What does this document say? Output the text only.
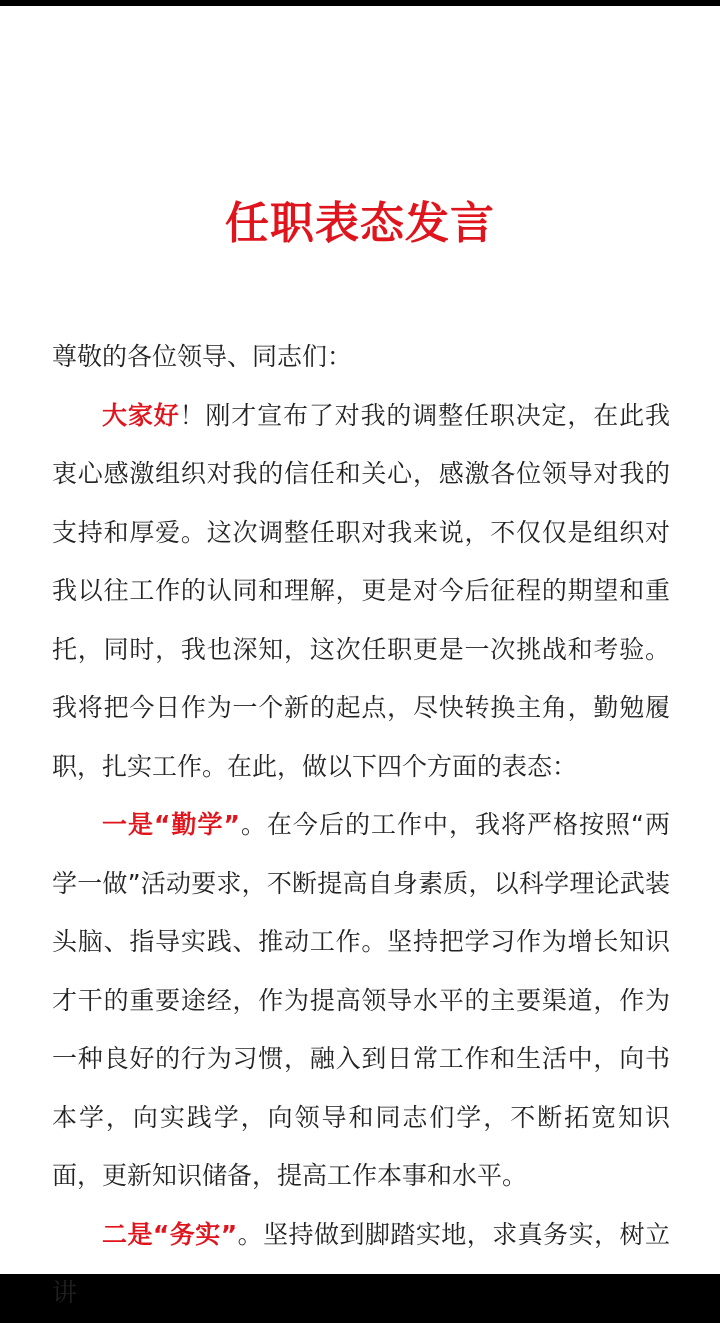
任职表态发言

尊敬的各位领导、同志们：

大家好！刚才宣布了对我的调整任职决定，在此我衷心感激组织对我的信任和关心，感激各位领导对我的支持和厚爱。这次调整任职对我来说，不仅仅是组织对我以往工作的认同和理解，更是对今后征程的期望和重托，同时，我也深知，这次任职更是一次挑战和考验。我将把今日作为一个新的起点，尽快转换主角，勤勉履职，扎实工作。在此，做以下四个方面的表态：

一是“勤学”。在今后的工作中，我将严格按照“两学一做”活动要求，不断提高自身素质，以科学理论武装头脑、指导实践、推动工作。坚持把学习作为增长知识才干的重要途经，作为提高领导水平的主要渠道，作为一种良好的行为习惯，融入到日常工作和生活中，向书本学，向实践学，向领导和同志们学，不断拓宽知识面，更新知识储备，提高工作本事和水平。

二是“务实”。坚持做到脚踏实地，求真务实，树立讲
